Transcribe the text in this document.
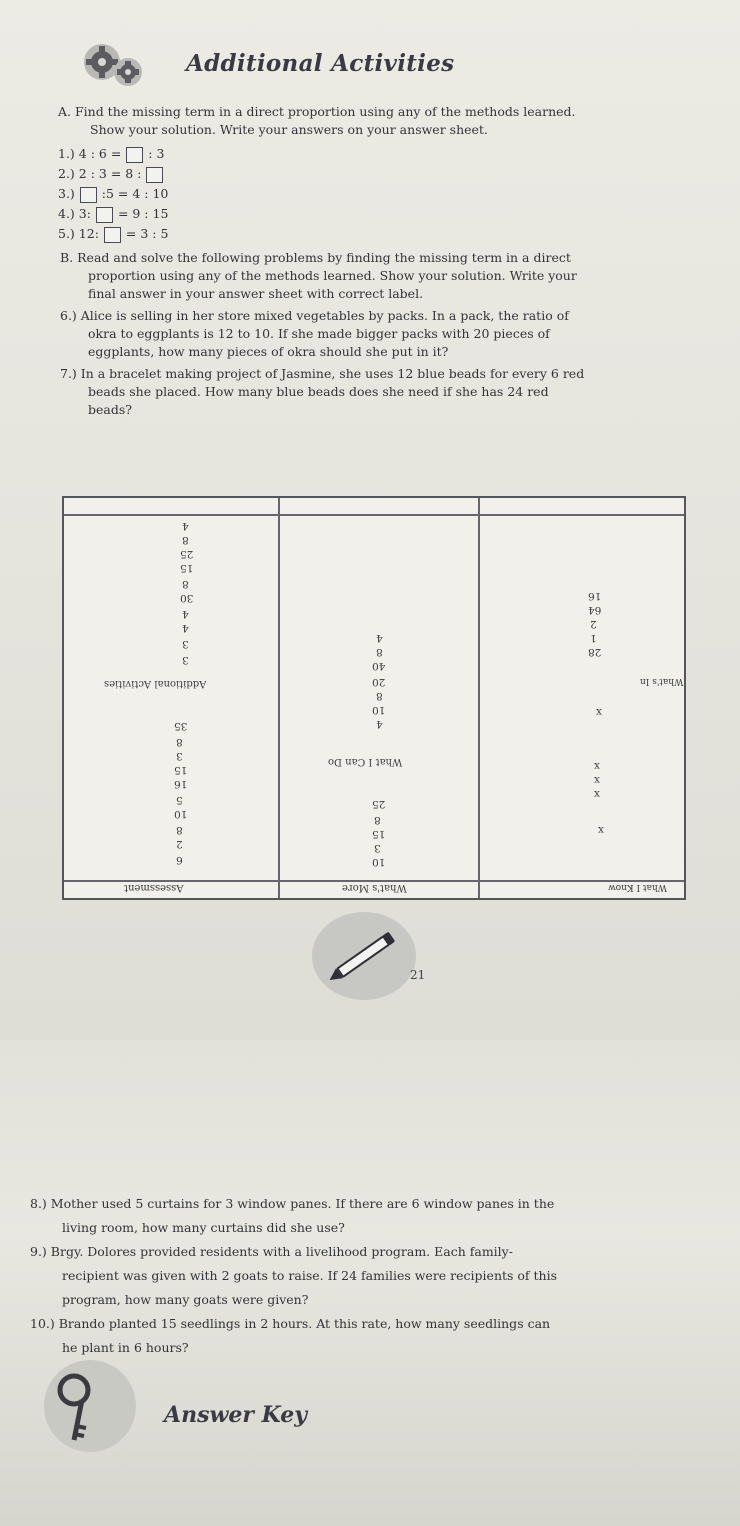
Additional Activities
A. Find the missing term in a direct proportion using any of the methods learned.
Show your solution. Write your answers on your answer sheet.
1.) 4 : 6 = : 3
2.) 2 : 3 = 8 :
3.) :5 = 4 : 10
4.) 3: = 9 : 15
5.) 12: = 3 : 5
B. Read and solve the following problems by finding the missing term in a direct
proportion using any of the methods learned. Show your solution. Write your
final answer in your answer sheet with correct label.
6.) Alice is selling in her store mixed vegetables by packs. In a pack, the ratio of
okra to eggplants is 12 to 10. If she made bigger packs with 20 pieces of
eggplants, how many pieces of okra should she put in it?
7.) In a bracelet making project of Jasmine, she uses 12 blue beads for every 6 red
beads she placed. How many blue beads does she need if she has 24 red
beads?
4
8
25
15
8
30
4
4
3
3
Additional Activities
35
8
3
15
16
5
10
8
2
6
Assessment
4
8
40
20
8
10
4
What I Can Do
25
8
15
3
10
What's More
16
64
2
1
28
What's In
x
x
x
x
x
What I Know
21
8.) Mother used 5 curtains for 3 window panes. If there are 6 window panes in the
living room, how many curtains did she use?
9.) Brgy. Dolores provided residents with a livelihood program. Each family-
recipient was given with 2 goats to raise. If 24 families were recipients of this
program, how many goats were given?
10.) Brando planted 15 seedlings in 2 hours. At this rate, how many seedlings can
he plant in 6 hours?
Answer Key
